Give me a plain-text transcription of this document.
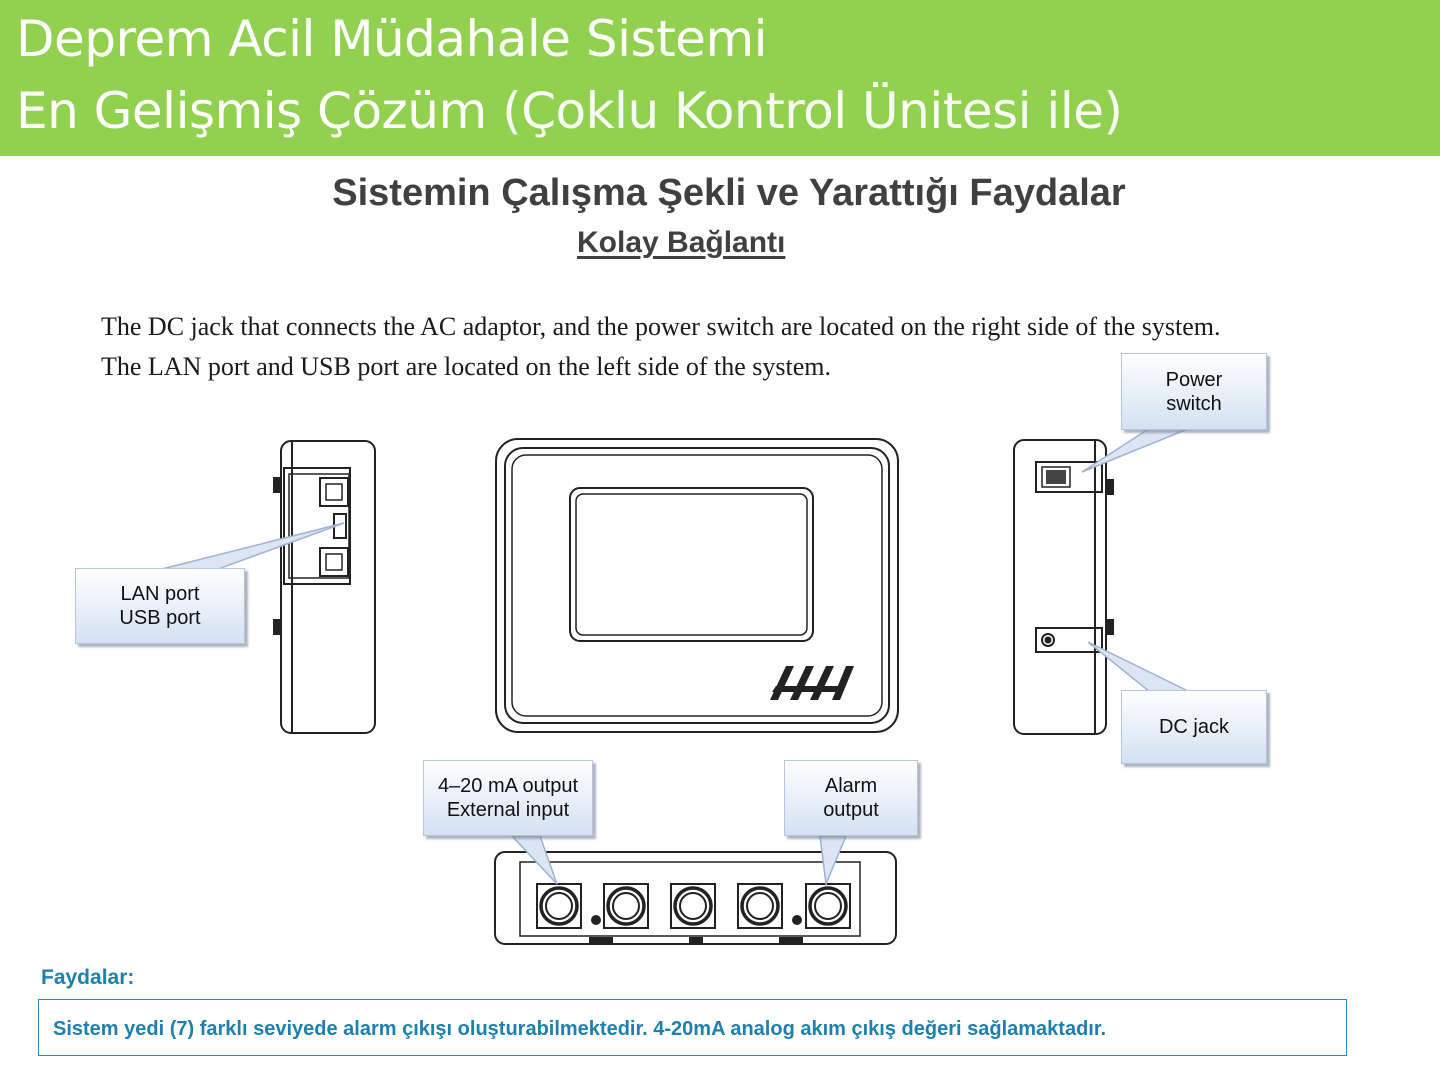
Deprem Acil Müdahale Sistemi
En Gelişmiş Çözüm (Çoklu Kontrol Ünitesi ile)
Sistemin Çalışma Şekli ve Yarattığı Faydalar
Kolay Bağlantı
The DC jack that connects the AC adaptor, and the power switch are located on the right side of the system.
The LAN port and USB port are located on the left side of the system.
LAN port
USB port
Power
switch
DC jack
4–20 mA output
External input
Alarm
output
Faydalar:
Sistem yedi (7) farklı seviyede alarm çıkışı oluşturabilmektedir. 4-20mA analog akım çıkış değeri sağlamaktadır.
